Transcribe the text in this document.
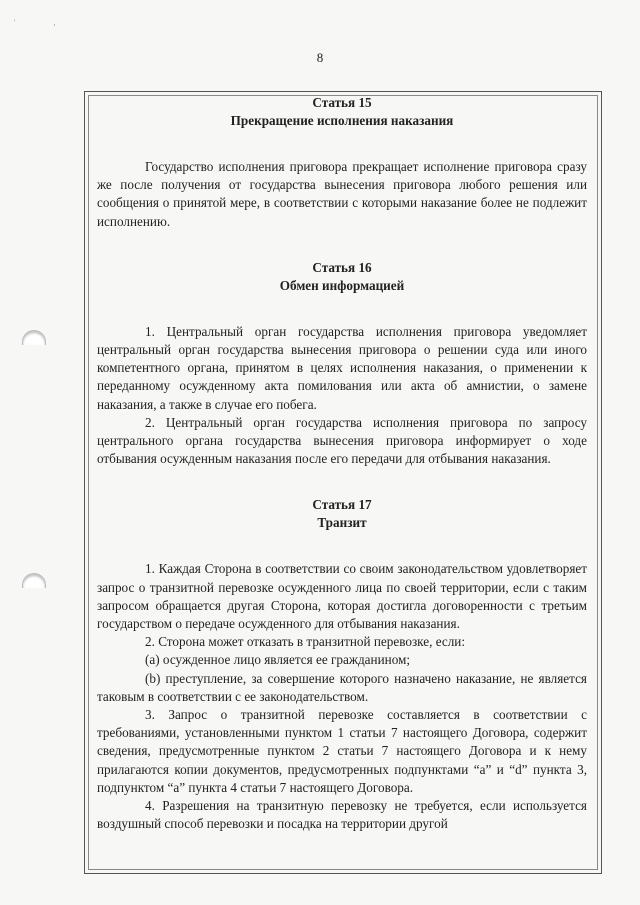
' ,
8
Статья 15
Прекращение исполнения наказания

Государство исполнения приговора прекращает исполнение приговора сразу же после получения от государства вынесения приговора любого решения или сообщения о принятой мере, в соответствии с которыми наказание более не подлежит исполнению.

Статья 16
Обмен информацией

1. Центральный орган государства исполнения приговора уведомляет центральный орган государства вынесения приговора о решении суда или иного компетентного органа, принятом в целях исполнения наказания, о применении к переданному осужденному акта помилования или акта об амнистии, о замене наказания, а также в случае его побега.

2. Центральный орган государства исполнения приговора по запросу центрального органа государства вынесения приговора информирует о ходе отбывания осужденным наказания после его передачи для отбывания наказания.

Статья 17
Транзит

1. Каждая Сторона в соответствии со своим законодательством удовлетворяет запрос о транзитной перевозке осужденного лица по своей территории, если с таким запросом обращается другая Сторона, которая достигла договоренности с третьим государством о передаче осужденного для отбывания наказания.

2. Сторона может отказать в транзитной перевозке, если:

(a) осужденное лицо является ее гражданином;

(b) преступление, за совершение которого назначено наказание, не является таковым в соответствии с ее законодательством.

3. Запрос о транзитной перевозке составляется в соответствии с требованиями, установленными пунктом 1 статьи 7 настоящего Договора, содержит сведения, предусмотренные пунктом 2 статьи 7 настоящего Договора и к нему прилагаются копии документов, предусмотренных подпунктами “a” и “d” пункта 3, подпунктом “a” пункта 4 статьи 7 настоящего Договора.

4. Разрешения на транзитную перевозку не требуется, если используется воздушный способ перевозки и посадка на территории другой
